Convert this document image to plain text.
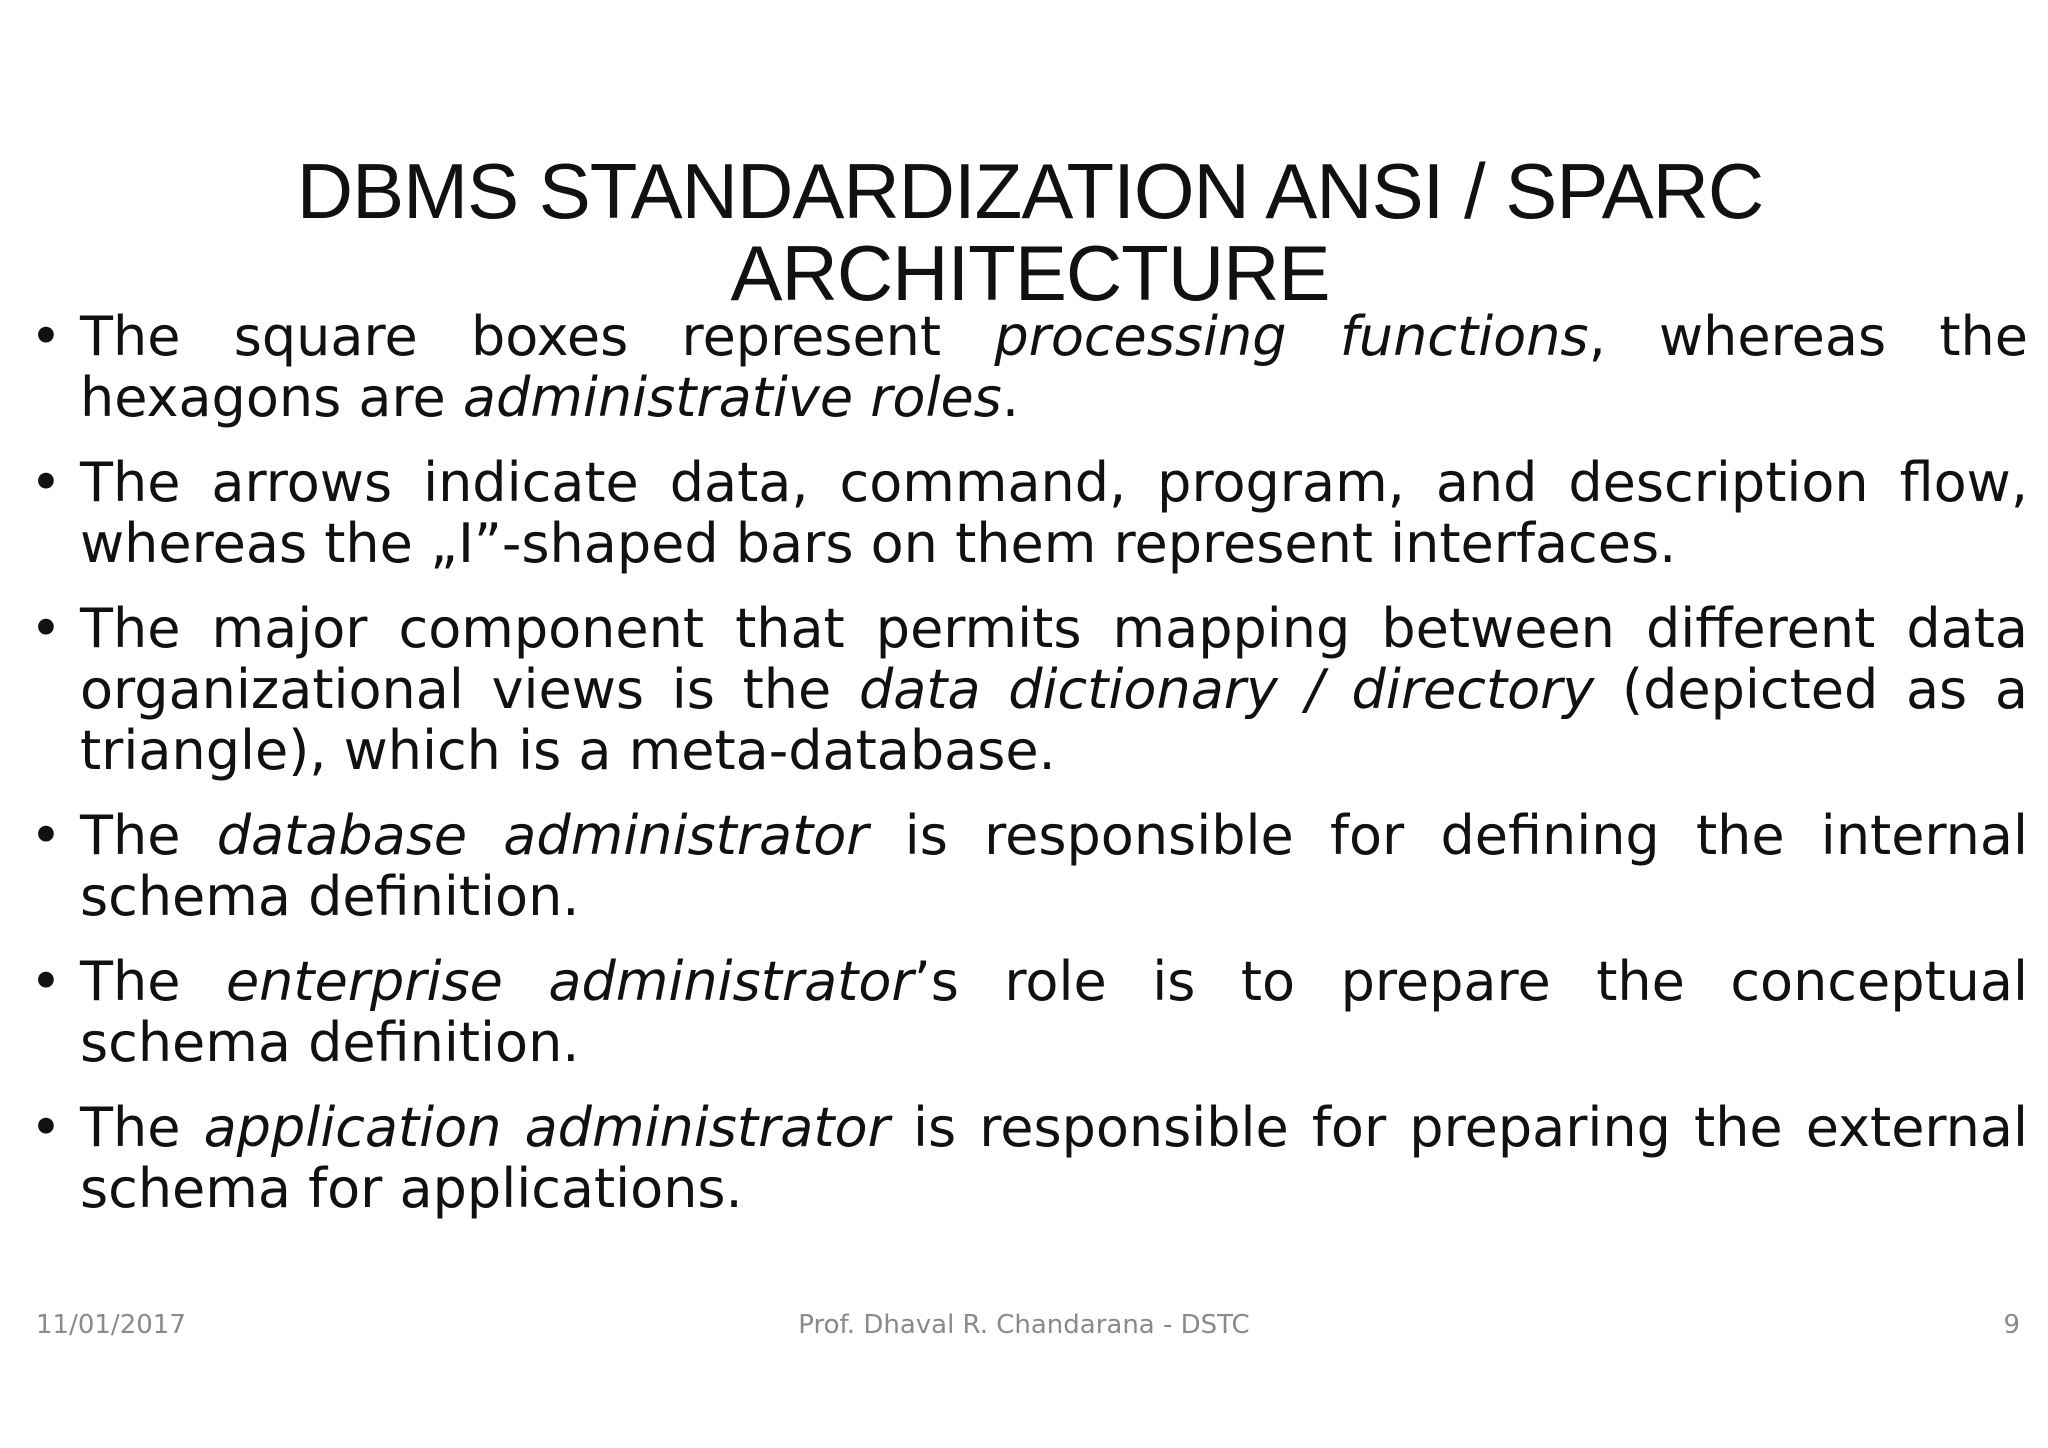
DBMS STANDARDIZATION ANSI / SPARC
ARCHITECTURE
• The square boxes represent processing functions, whereas the hexagons are administrative roles.
• The arrows indicate data, command, program, and description flow, whereas the „I”-shaped bars on them represent interfaces.
• The major component that permits mapping between different data organizational views is the data dictionary / directory (depicted as a triangle), which is a meta-database.
• The database administrator is responsible for defining the internal schema definition.
• The enterprise administrator’s role is to prepare the conceptual schema definition.
• The application administrator is responsible for preparing the external schema for applications.
11/01/2017	Prof. Dhaval R. Chandarana - DSTC	9
